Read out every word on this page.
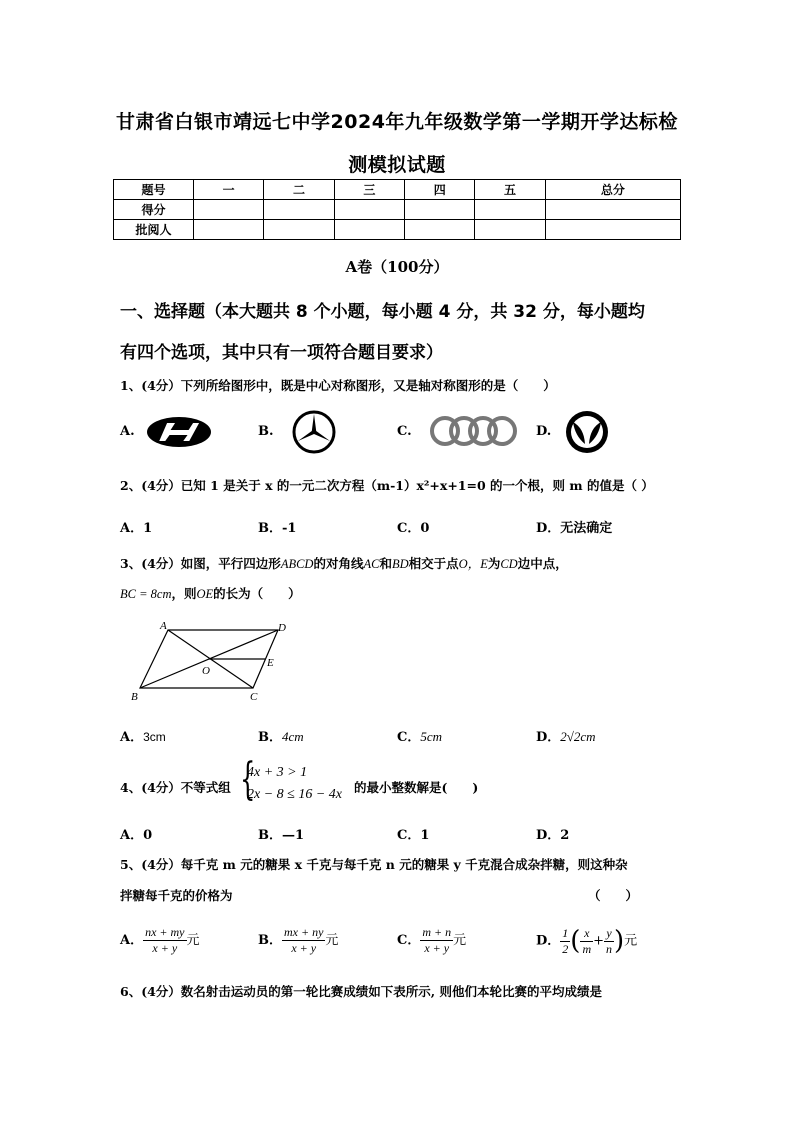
甘肃省白银市靖远七中学2024年九年级数学第一学期开学达标检
测模拟试题
题号	一	二	三	四	五	总分
得分						
批阅人						
A卷（100分）
一、选择题（本大题共 8 个小题，每小题 4 分，共 32 分，每小题均
有四个选项，其中只有一项符合题目要求）
1、(4分）下列所给图形中，既是中心对称图形，又是轴对称图形的是（　　）
A.	B.	C.	D.
2、(4分）已知 1 是关于 x 的一元二次方程（m-1）x²+x+1=0 的一个根，则 m 的值是（ ）
A．1	B．-1	C．0	D．无法确定
3、(4分）如图，平行四边形ABCD的对角线AC和BD相交于点O，E为CD边中点，
BC = 8cm，则OE的长为（　　）
A	D
E
O
B	C
A．3cm	B．4cm	C．5cm	D．2√2cm
4、(4分）不等式组 {
4x + 3 > 1
2x − 8 ≤ 16 − 4x 的最小整数解是(　　)
A．0	B．—1	C．1	D．2
5、(4分）每千克 m 元的糖果 x 千克与每千克 n 元的糖果 y 千克混合成杂拌糖，则这种杂
拌糖每千克的价格为	（　　）
A． $\frac{nx + my}{x + y}$ 元	B． $\frac{mx + ny}{x + y}$ 元	C． $\frac{m + n}{x + y}$ 元	D． $\frac{1}{2}$ ( $\frac{x}{m} + \frac{y}{n}$ )元
6、(4分）数名射击运动员的第一轮比赛成绩如下表所示, 则他们本轮比赛的平均成绩是
